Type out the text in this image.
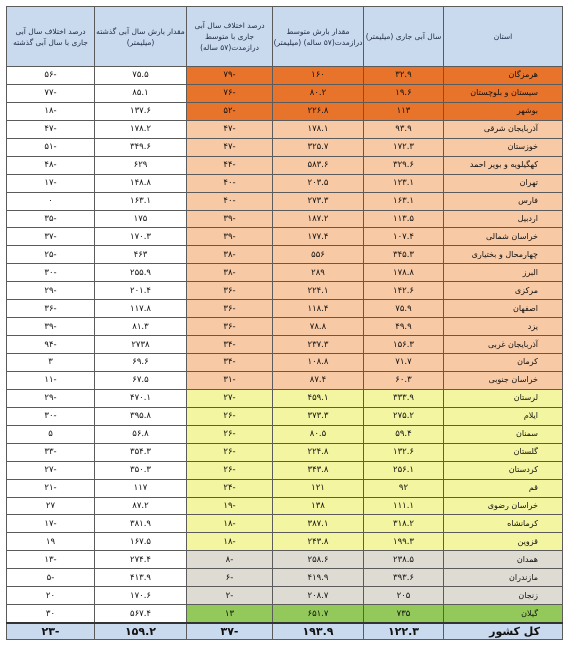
استان	سال آبی جاری (میلیمتر)	مقدار بارش متوسط درازمدت(۵۷ ساله) (میلیمتر)	درصد اختلاف سال آبی جاری با متوسط درازمدت(۵۷ ساله)	مقدار بارش سال آبی گذشته (میلیمتر)	درصد اختلاف سال آبی جاری با سال آبی گذشته
هرمزگان	۳۲.۹	۱۶۰	-۷۹	۷۵.۵	-۵۶
سیستان و بلوچستان	۱۹.۶	۸۰.۲	-۷۶	۸۵.۱	-۷۷
بوشهر	۱۱۳	۲۲۶.۸	-۵۲	۱۳۷.۶	-۱۸
آذربایجان شرقی	۹۳.۹	۱۷۸.۱	-۴۷	۱۷۸.۲	-۴۷
خوزستان	۱۷۲.۳	۳۲۵.۷	-۴۷	۳۴۹.۶	-۵۱
کهگیلویه و بویر احمد	۳۲۹.۶	۵۸۳.۶	-۴۴	۶۲۹	-۴۸
تهران	۱۲۳.۱	۲۰۳.۵	-۴۰	۱۴۸.۸	-۱۷
فارس	۱۶۳.۱	۲۷۳.۳	-۴۰	۱۶۳.۱	۰
اردبیل	۱۱۳.۵	۱۸۷.۲	-۳۹	۱۷۵	-۳۵
خراسان شمالی	۱۰۷.۴	۱۷۷.۴	-۳۹	۱۷۰.۳	-۳۷
چهارمحال و بختیاری	۳۴۵.۳	۵۵۶	-۳۸	۴۶۳	-۲۵
البرز	۱۷۸.۸	۲۸۹	-۳۸	۲۵۵.۹	-۳۰
مرکزی	۱۴۲.۶	۲۲۴.۱	-۳۶	۲۰۱.۴	-۲۹
اصفهان	۷۵.۹	۱۱۸.۴	-۳۶	۱۱۷.۸	-۳۶
یزد	۴۹.۹	۷۸.۸	-۳۶	۸۱.۳	-۳۹
آذربایجان غربی	۱۵۶.۳	۲۳۷.۳	-۳۴	۲۷۳۸	-۹۴
کرمان	۷۱.۷	۱۰۸.۸	-۳۴	۶۹.۶	۳
خراسان جنوبی	۶۰.۳	۸۷.۴	-۳۱	۶۷.۵	-۱۱
لرستان	۳۳۳.۹	۴۵۹.۱	-۲۷	۴۷۰.۱	-۲۹
ایلام	۲۷۵.۲	۳۷۳.۳	-۲۶	۳۹۵.۸	-۳۰
سمنان	۵۹.۴	۸۰.۵	-۲۶	۵۶.۸	۵
گلستان	۱۳۲.۶	۲۲۴.۸	-۲۶	۳۵۴.۳	-۳۳
کردستان	۲۵۶.۱	۳۴۳.۸	-۲۶	۳۵۰.۳	-۲۷
قم	۹۲	۱۲۱	-۲۴	۱۱۷	-۲۱
خراسان رضوی	۱۱۱.۱	۱۳۸	-۱۹	۸۷.۲	۲۷
کرمانشاه	۳۱۸.۲	۳۸۷.۱	-۱۸	۳۸۱.۹	-۱۷
قزوین	۱۹۹.۳	۲۴۳.۸	-۱۸	۱۶۷.۵	۱۹
همدان	۲۳۸.۵	۲۵۸.۶	-۸	۲۷۴.۴	-۱۳
مازندران	۳۹۳.۶	۴۱۹.۹	-۶	۴۱۳.۹	-۵
زنجان	۲۰۵	۲۰۸.۷	-۲	۱۷۰.۶	۲۰
گیلان	۷۳۵	۶۵۱.۷	۱۳	۵۶۷.۴	۳۰
کل کشور	۱۲۲.۳	۱۹۳.۹	-۳۷	۱۵۹.۲	-۲۳
